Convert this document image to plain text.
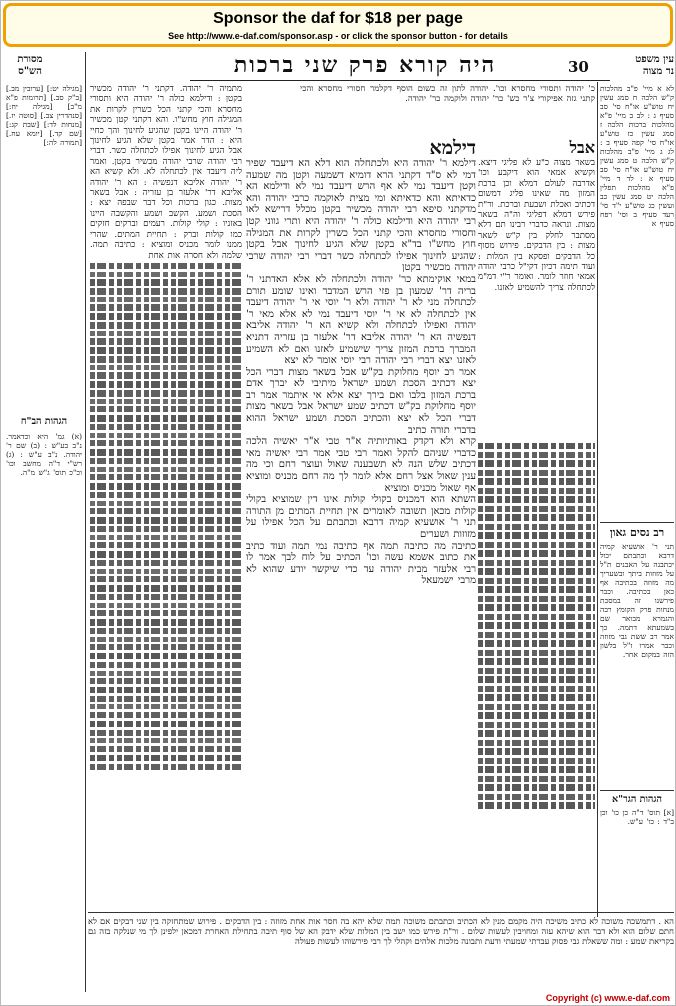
Sponsor the daf for $18 per page
See http://www.e-daf.com/sponsor.asp - or click the sponsor button - for details
30
היה קורא פרק שני ברכות	עין משפט
נר מצוה
מסורת
הש"ס
דילמא
דילמא ר' יהודה היא ולכתחלה הוא דלא הא דיעבד שפיר דמי לא ס"ד דקתני הרא דומיא דשמעה וקטן מה שמעה וקטן דיעבד נמי לא אף הרש דיעבד נמי לא ודילמא הא כדאיתא והא כדאיתא ומי מצית לאוקמה כרבי יהודה והא מדקתני סיפא רבי יהודה מכשיר בקטן מכלל דרישא לאו רבי יהודה היא ודילמא כולה ר' יהודה היא ותרי גווני קטן וחסורי מחסרא והכי קתני הכל כשרין לקרות את המגילה חוץ מחש"ו בד"א בקטן שלא הגיע לחינוך אבל בקטן שהגיע לחינוך אפילו לכתחלה כשר דברי רבי יהודה שרבי יהודה מכשיר בקטן
במאי אוקימתא כר' יהודה ולכתחלה לא אלא האדתני ר' בריה דר' שמעון בן פזי הרש המדבר ואינו שומע תורם לכתחלה מני לא ר' יהודה ולא ר' יוסי אי ר' יהודה דיעבד אין לכתחלה לא אי ר' יוסי דיעבד נמי לא אלא מאי ר' יהודה ואפילו לכתחלה ולא קשיא הא ר' יהודה אליבא דנפשיה הא ר' יהודה אליבא דר' אלעזר בן עזריה דתניא המברך ברכת המזון צריך שישמיע לאזנו ואם לא השמיע לאזנו יצא דברי רבי יהודה רבי יוסי אומר לא יצא
אמר רב יוסף מחלוקת בק"ש אבל בשאר מצות דברי הכל יצא דכתיב הסכת ושמע ישראל מיתיבי לא יברך אדם ברכת המזון בלבו ואם בירך יצא אלא אי איתמר אמר רב יוסף מחלוקת בק"ש דכתיב שמע ישראל אבל בשאר מצות דברי הכל לא יצא והכתיב הסכת ושמע ישראל ההוא בדברי תורה כתיב
קרא ולא דקדק באותיותיה א"ר טבי א"ר יאשיה הלכה כדברי שניהם להקל ואמר רבי טבי אמר רבי יאשיה מאי דכתיב שלש הנה לא תשבענה שאול ועוצר רחם וכי מה ענין שאול אצל רחם אלא לומר לך מה רחם מכניס ומוציא אף שאול מכניס ומוציא
השתא הוא דמכניס בקולי קולות אינו דין שמוציא בקולי קולות מכאן תשובה לאומרים אין תחיית המתים מן התורה תני ר' אושעיא קמיה דרבא וכתבתם על הכל אפילו על מזוזות ושערים
כתיבה מה כתיבה תמה אף כתיבה נמי תמה ועוד כתיב את כתוב אשמא עשה וכו' הכתיב על לוח לבך אמר לו רבי אלעזר מבית יהודה עד כדי שיקשר יודע שהוא לא מרבי ישמעאל
כ' יהודה ותסורי מחסרא וכו'. יהודה לתון זה כשום הוסף דקלמר חסורי מחסרא והכי קתני גזה אפיקורי צ'ר כש' כר' יהודה ולוקמה כר' יהודה.
אבל
בשאר מצוה כ"ע לא פליגי דיצא. וקשיא אמאי הוא דיקבע וכו' אדרבה לעולם דמלא וכן ברכת המזון מה שאינו פליג דמשום דכתיב ואכלת ושבעת וברכת. ור"ת פירש דמלא דפליגי וה"ה בשאר מצות. ונראה כדברי רבינו תם דלא מסתבר לחלק בין ק"ש לשאר מצות : בין הדבקים. פירוש מסוף כל הדבקים ופסקא בין המלות : ועוד תימה דכיון דקי"ל כרבי יהודה אמאי חוזר לומר. ואומר ר"י דמ"מ לכתחלה צריך להשמיע לאזנו.
מתמיה ר' יהודה. דקתני ר' יהודה מכשיר בקטן : ודילמא כולה ר' יהודה היא ותסורי מחסרא והכי קתני הכל כשרין לקרות את המגילה חוץ מחש"ו. והא דקתני קטן מכשיר ר' יהודה היינו בקטן שהגיע לחינוך והך כחיי היא : הדר אמר בקטן שלא הגיע לחינוך אבל הגיע לחינוך אפילו לכתחלה כשר. דברי רבי יהודה שרבי יהודה מכשיר בקטן. ואמר ליה דיעבד אין לכתחלה לא. ולא קשיא הא ר' יהודה אליבא דנפשיה : הא ר' יהודה אליבא דר' אלעזר בן עזריה : אבל בשאר מצות. כגון ברכות וכל דבר שבפה יצא : הסכת ושמע. הקשב ושמע והקשבה היינו באזניו : קולי קולות. רעמים וברקים חזקים כמו קולות וברק : תחיית המתים. שהרי ממנו לומר מכניס ומוציא : כתיבה תמה. שלמה ולא חסרה אות אחת
לא א מיי' פ"ב מהלכות ק"ש הלכה ח סמג עשין יח טוש"ע או"ח סי' סב סעיף ג : לב ב מיי' פ"א מהלכות ברכות הלכה ז סמג עשין כז טוש"ע או"ח סי' קפה סעיף ב : לג ג מיי' פ"ב מהלכות ק"ש הלכה ט סמג עשין יח טוש"ע או"ח סי' סב סעיף א : לד ד מיי' פ"א מהלכות תפלין הלכה יט סמג עשין כב ועשין כג טוש"ע י"ד סי' רעד סעיף ב וסי' רפח סעיף א
רב נסים גאון
תני ר' אושעיא קמיה דרבא וכתבתם יכול יכתבנה על האבנים ת"ל על מזוזות ביתך ובשעריך מה מזוזה בכתיבה אף כאן בכתיבה. וכבר פירשנו זה במסכת מנחות פרק הקומץ רבה והגמרא מבואר שם בשמעתא דתמה. כך אמר רב ששת גבי מזוזה וכבר אמרו ז"ל בלשון הזה במקום אחר.
הגהות הגר"א
[א] תוס' ד"ה כן כו' וכן ב"ד : כו' ע"ש.
[מגילה יט:] [ערובין מב.] [ב"ק סב.] [תרומות פ"א מ"ב] [מגילה יח:] [סנהדרין צב.] [סוטה יז.] [מנחות לד:] [שבת קג:] [שם קד.] [יומא עח.] [תמורה לה:]
הגהות הב"ח
(א) גמ' היא וכדאמר. נ"ב בע"ש : (ב) שם ר' יהודה. נ"ב ע"ש : (ג) רש"י ד"ה מחשב וכו' וכ"כ תוס' ג"ש מ"ה.
הא . דתמשכה משוכה לא כתיב משיכה היה מקמם מנין לא הכתיב וכתבתם משוכה תמה שלא יהא בה חסר אות אחת מזוזה : בין הדבקים . פירוש שמתחזקה בין שני דבקים אם לא חתם שלום הוא ולא דבר הוא שיהא עזה ומחויבין לעשות שלום . ור"ת פירש כמו ישב בין המלות שלא ידבק הא של סוף תיבה בתחילת האחרת דמכאן ילפינן לך מי שנלקה בזה גם בקריאת שמע : ומה ששאלת גבי פסוק עברתי שמעתי ודעת ותבונה מלכות אלהים וקהלי לך רבי פירשוהו לעשות פעולה
Copyright (c) www.e-daf.com
